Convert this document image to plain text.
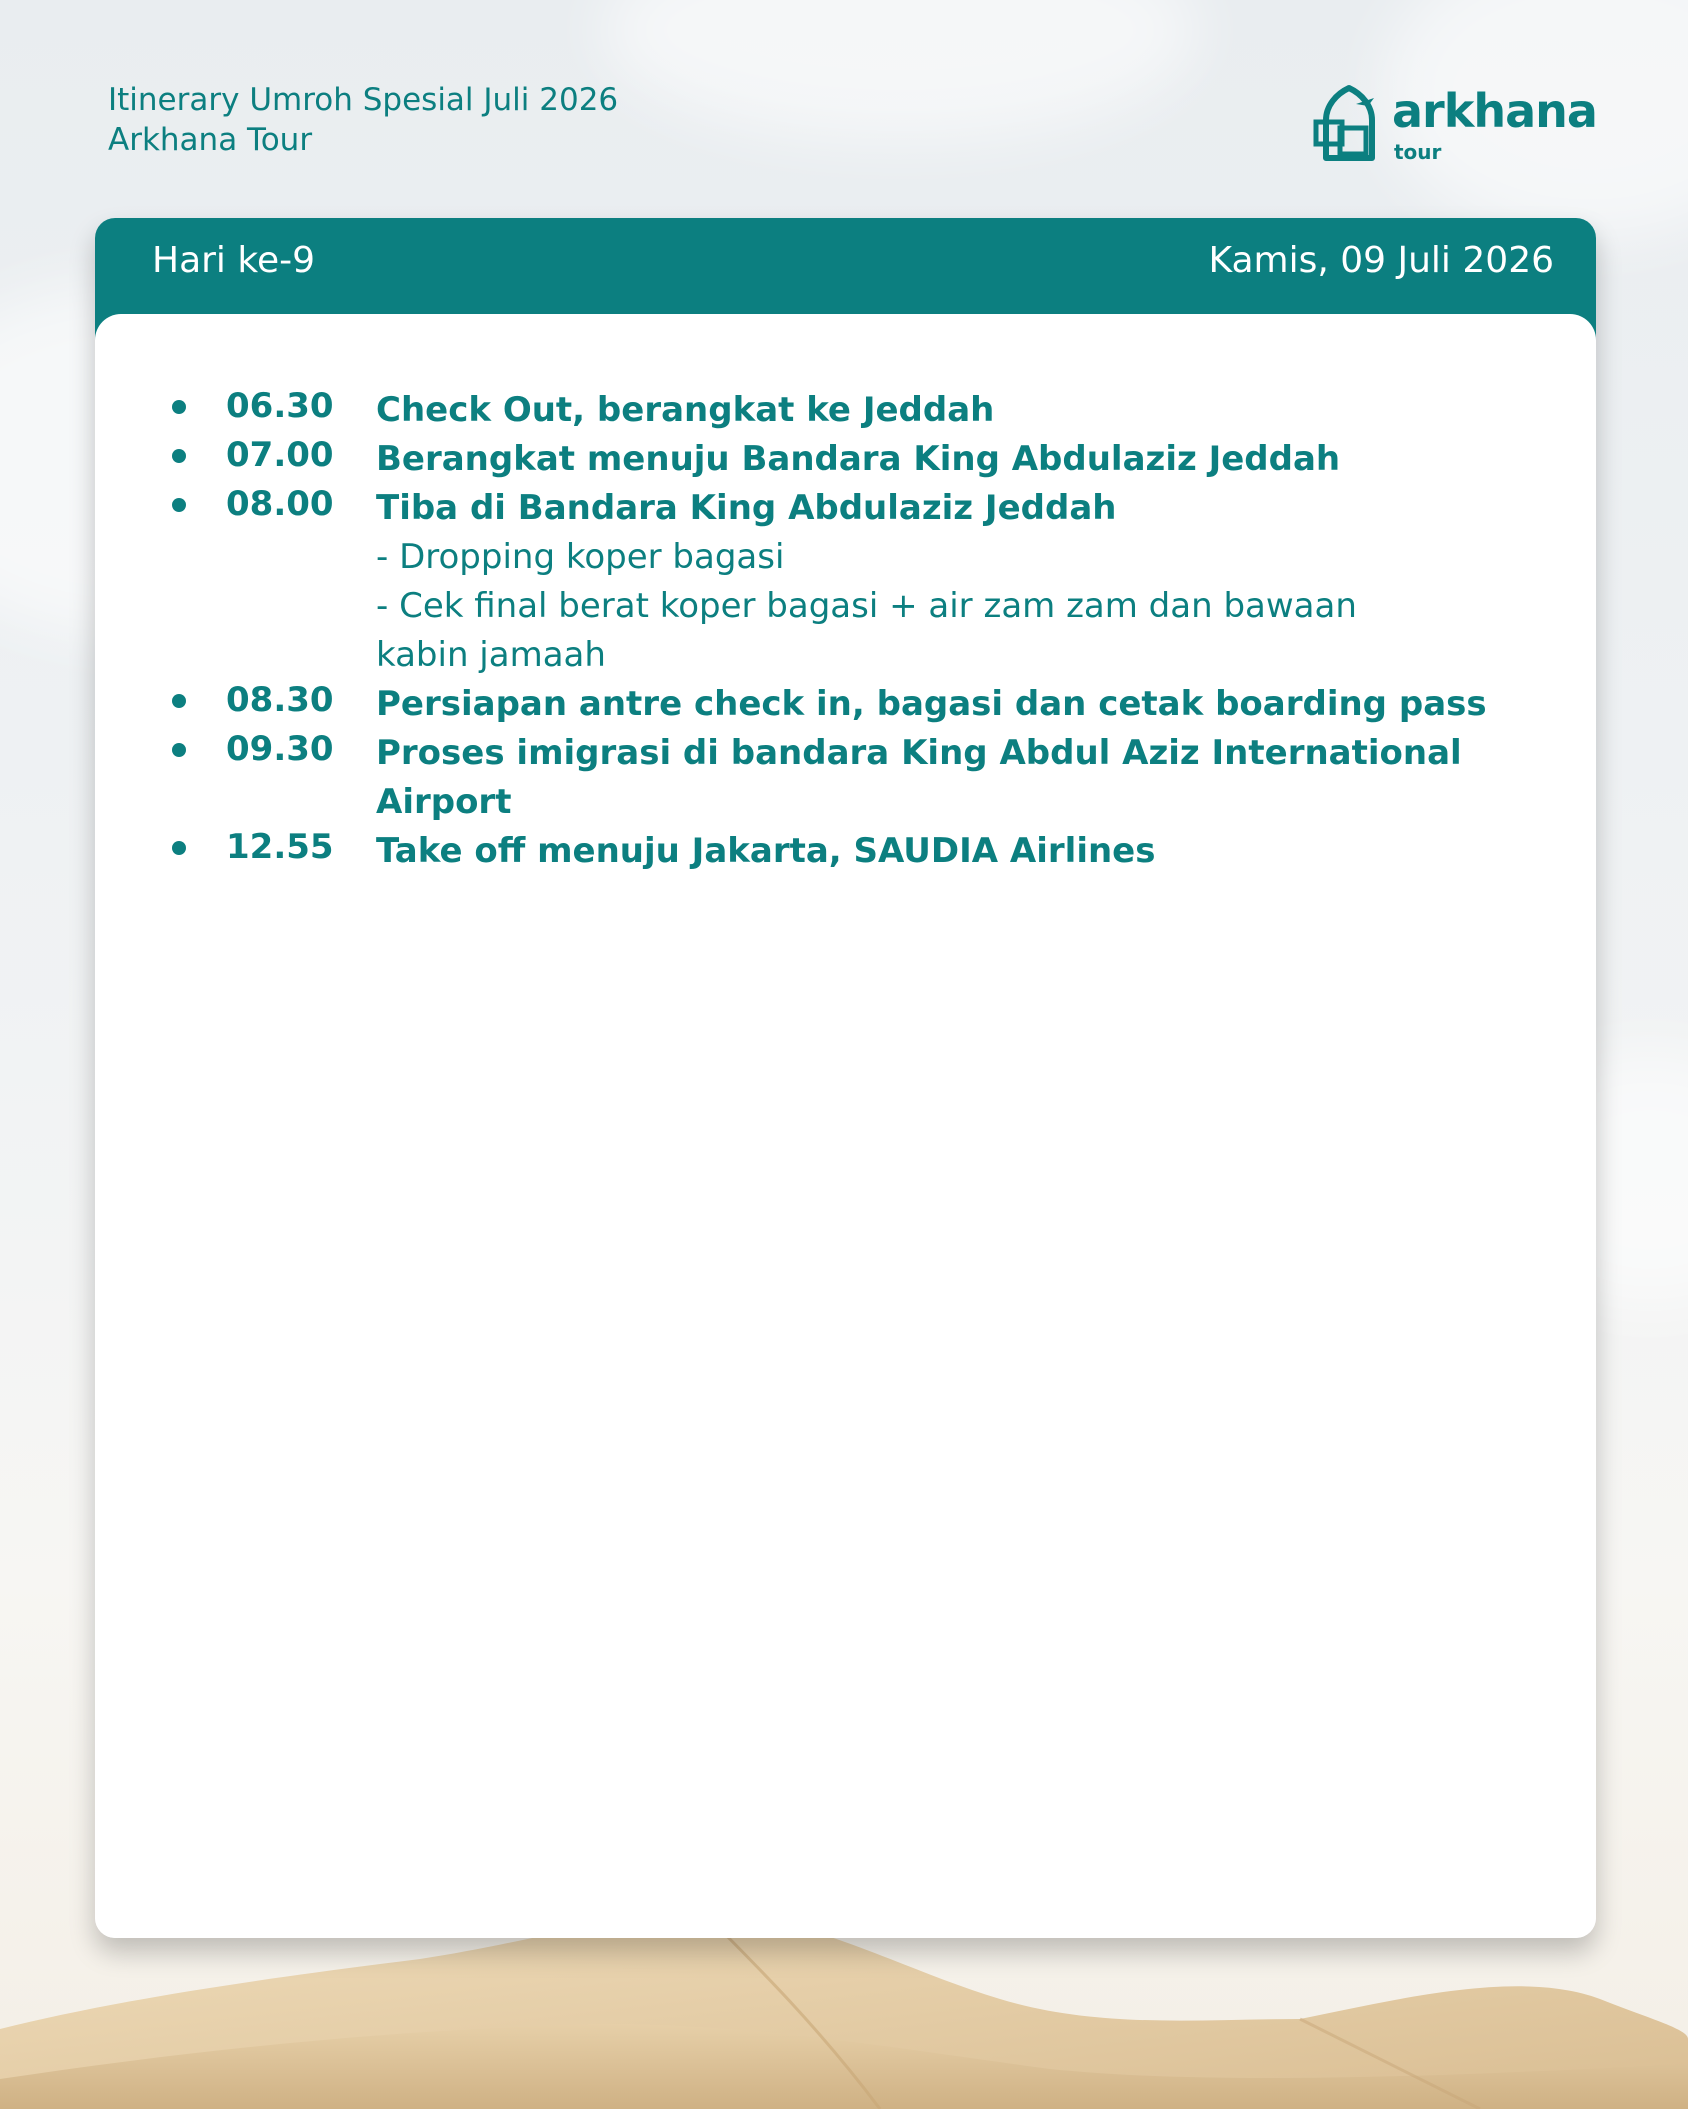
Itinerary Umroh Spesial Juli 2026
Arkhana Tour
arkhana
tour
Hari ke-9	Kamis, 09 Juli 2026
06.30 Check Out, berangkat ke Jeddah
07.00 Berangkat menuju Bandara King Abdulaziz Jeddah
08.00 Tiba di Bandara King Abdulaziz Jeddah
- Dropping koper bagasi
- Cek final berat koper bagasi + air zam zam dan bawaan
kabin jamaah
08.30 Persiapan antre check in, bagasi dan cetak boarding pass
09.30 Proses imigrasi di bandara King Abdul Aziz International
Airport
12.55 Take off menuju Jakarta, SAUDIA Airlines
